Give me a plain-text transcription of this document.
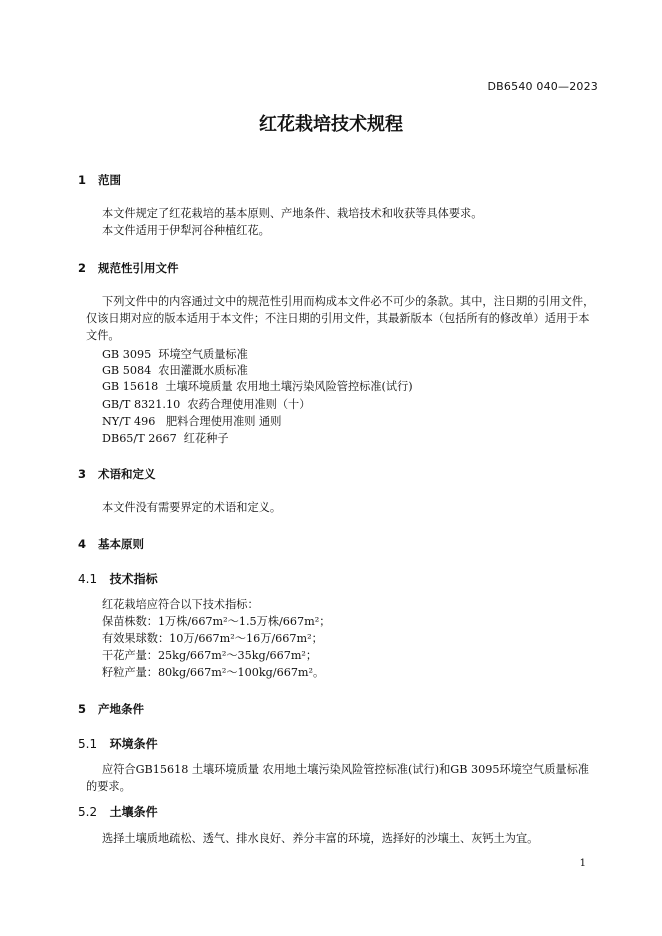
DB6540 040—2023
红花栽培技术规程
1 范围
本文件规定了红花栽培的基本原则、产地条件、栽培技术和收获等具体要求。
本文件适用于伊犁河谷种植红花。
2 规范性引用文件
下列文件中的内容通过文中的规范性引用而构成本文件必不可少的条款。其中，注日期的引用文件，仅该日期对应的版本适用于本文件；不注日期的引用文件，其最新版本（包括所有的修改单）适用于本文件。
GB 3095  环境空气质量标准
GB 5084  农田灌溉水质标准
GB 15618  土壤环境质量 农用地土壤污染风险管控标准(试行)
GB/T 8321.10  农药合理使用准则（十）
NY/T 496   肥料合理使用准则 通则
DB65/T 2667  红花种子
3 术语和定义
本文件没有需要界定的术语和定义。
4 基本原则
4.1 技术指标
红花栽培应符合以下技术指标：
保苗株数：1万株/667m²～1.5万株/667m²；
有效果球数：10万/667m²～16万/667m²；
干花产量：25kg/667m²～35kg/667m²；
籽粒产量：80kg/667m²～100kg/667m²。
5 产地条件
5.1 环境条件
应符合GB15618 土壤环境质量 农用地土壤污染风险管控标准(试行)和GB 3095环境空气质量标准的要求。
5.2 土壤条件
选择土壤质地疏松、透气、排水良好、养分丰富的环境，选择好的沙壤土、灰钙土为宜。
1
